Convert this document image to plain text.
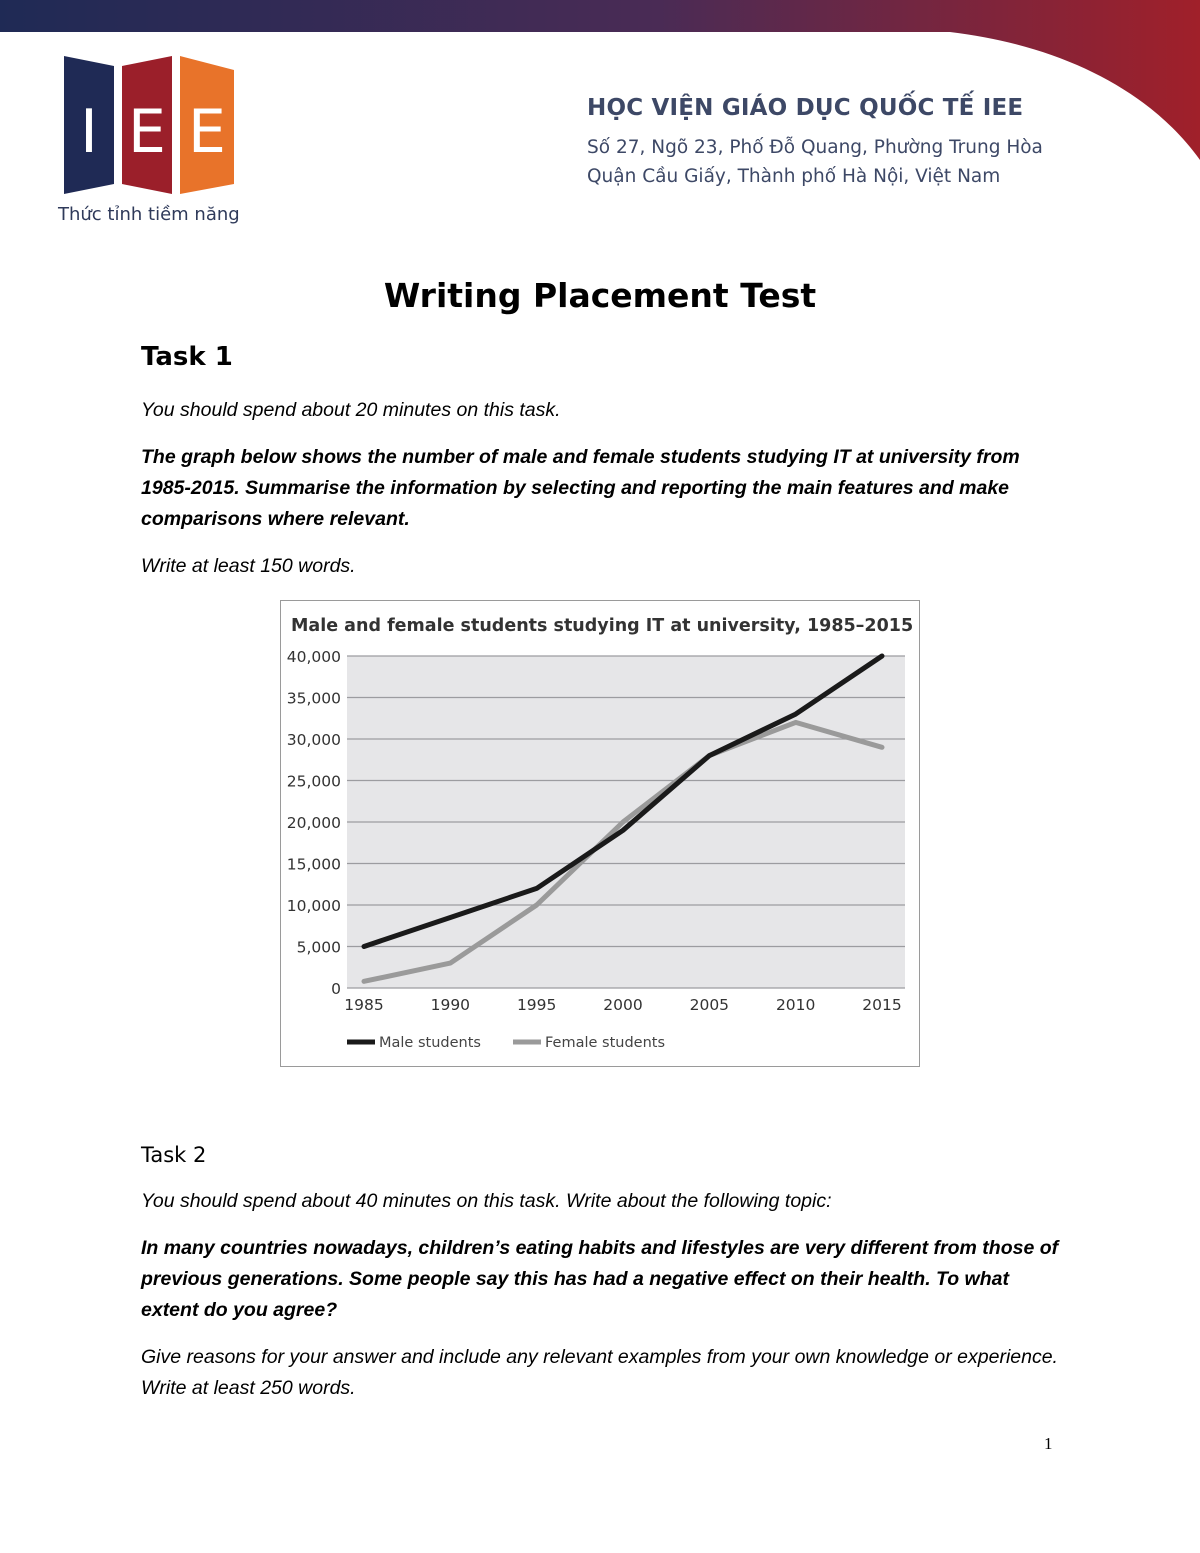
I E E
Thức tỉnh tiềm năng
HỌC VIỆN GIÁO DỤC QUỐC TẾ IEE
Số 27, Ngõ 23, Phố Đỗ Quang, Phường Trung Hòa
Quận Cầu Giấy, Thành phố Hà Nội, Việt Nam
Writing Placement Test
Task 1
You should spend about 20 minutes on this task.
The graph below shows the number of male and female students studying IT at university from 1985-2015. Summarise the information by selecting and reporting the main features and make comparisons where relevant.
Write at least 150 words.
0
5,000
10,000
15,000
20,000
25,000
30,000
35,000
40,000
1985	1990	1995	2000	2005	2010	2015
Male and female students studying IT at university, 1985–2015
Male students	Female students
Task 2
You should spend about 40 minutes on this task. Write about the following topic:
In many countries nowadays, children’s eating habits and lifestyles are very different from those of previous generations. Some people say this has had a negative effect on their health. To what extent do you agree?
Give reasons for your answer and include any relevant examples from your own knowledge or experience. Write at least 250 words.
1
